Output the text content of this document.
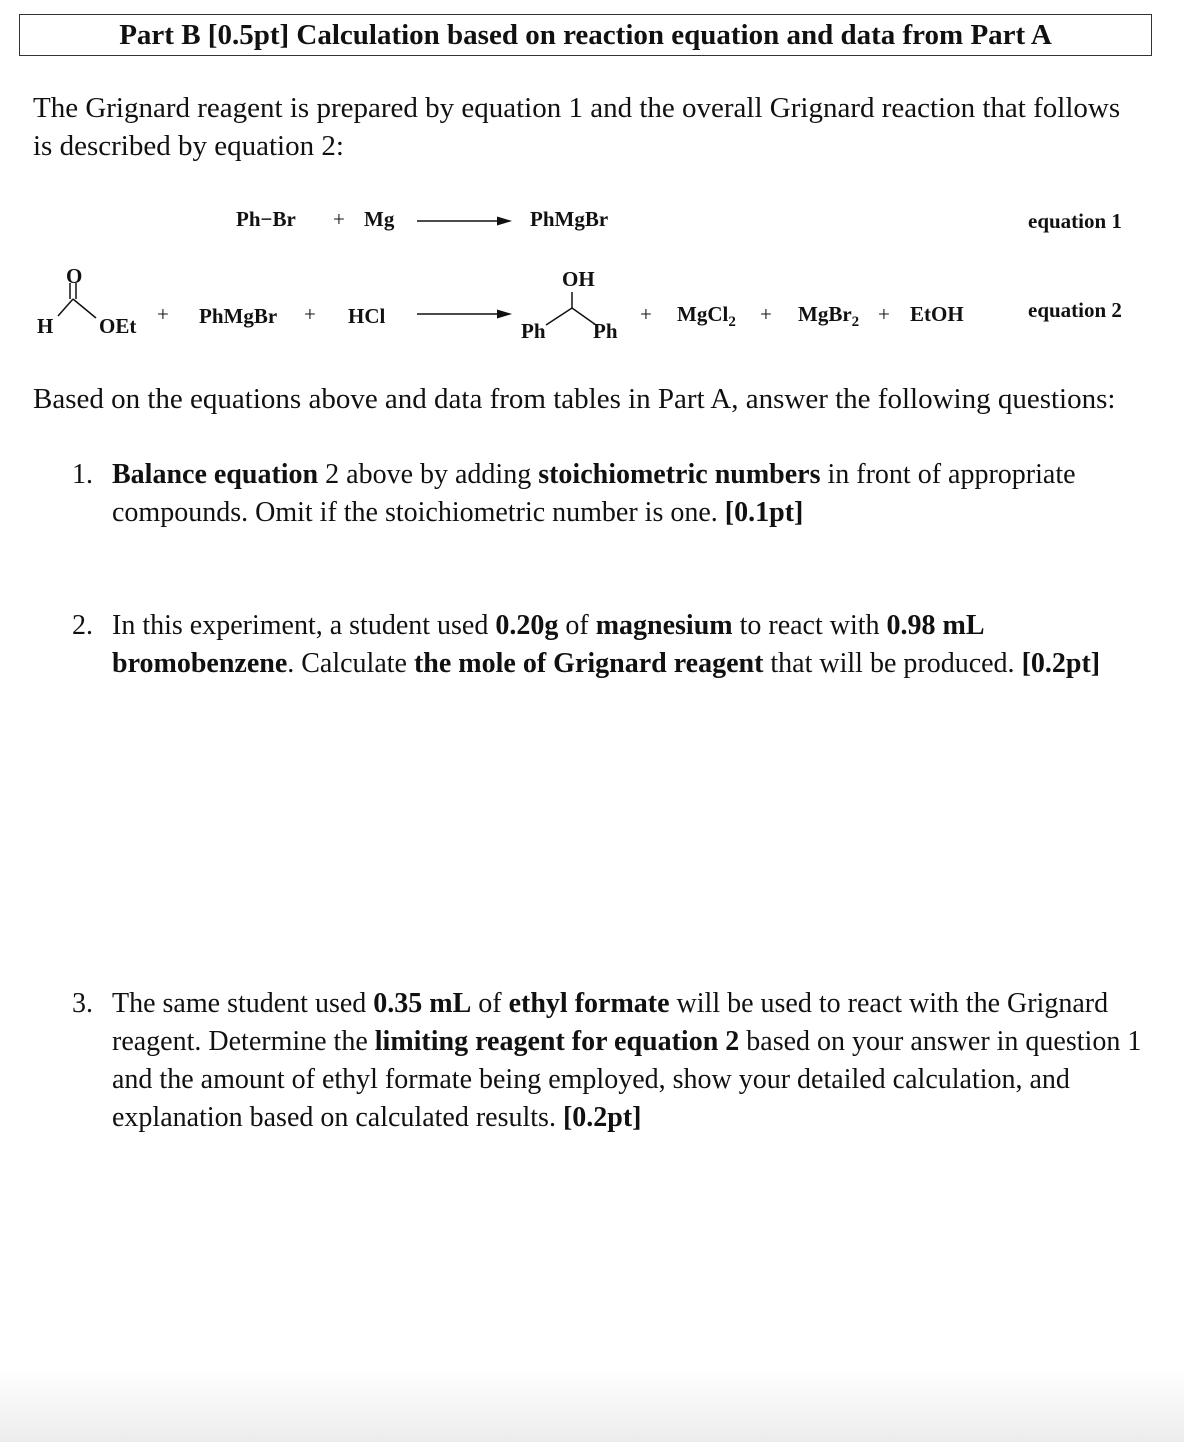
Part B [0.5pt] Calculation based on reaction equation and data from Part A
The Grignard reagent is prepared by equation 1 and the overall Grignard reaction that follows is described by equation 2:
Ph−Br + Mg	PhMgBr	equation 1
O
H OEt + PhMgBr + HCl
OH
Ph Ph
+ MgCl$_2$ + MgBr$_2$ + EtOH	equation 2
Based on the equations above and data from tables in Part A, answer the following questions:
1. Balance equation 2 above by adding stoichiometric numbers in front of appropriate compounds. Omit if the stoichiometric number is one. [0.1pt]
2. In this experiment, a student used 0.20g of magnesium to react with 0.98 mL bromobenzene. Calculate the mole of Grignard reagent that will be produced. [0.2pt]
3. The same student used 0.35 mL of ethyl formate will be used to react with the Grignard reagent. Determine the limiting reagent for equation 2 based on your answer in question 1 and the amount of ethyl formate being employed, show your detailed calculation, and explanation based on calculated results. [0.2pt]
